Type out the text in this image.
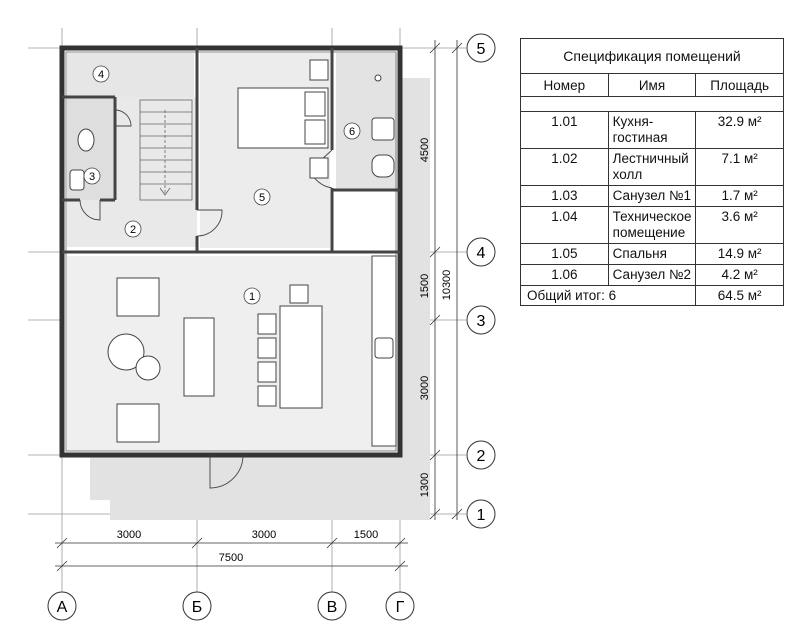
1
2
3
4
5
6
1300
3000
1500
4500
10300
3000	3000	1500
7500
5
4
3
2
1
А	Б	В	Г
Спецификация помещений		
Номер	Имя	Площадь

1.01	Кухня-гостиная	32.9 м²
1.02	Лестничный холл	7.1 м²
1.03	Санузел №1	1.7 м²
1.04	Техническое помещение	3.6 м²
1.05	Спальня	14.9 м²
1.06	Санузел №2	4.2 м²
Общий итог: 6		64.5 м²
